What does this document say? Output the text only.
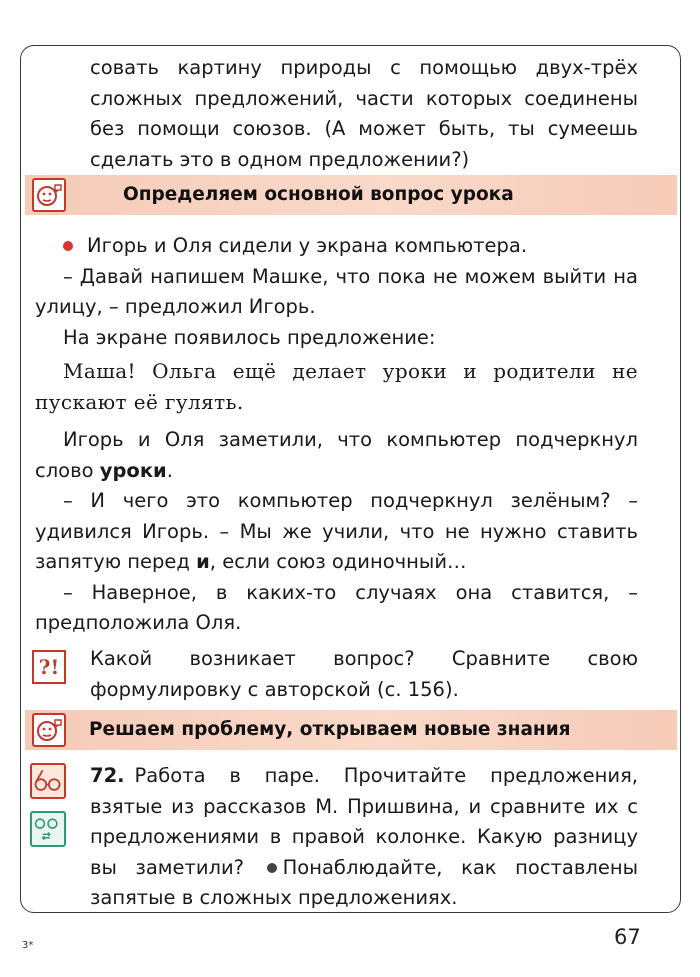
совать картину природы с помощью двух-трёх сложных предложений, части которых соединены без помощи союзов. (А может быть, ты сумеешь сделать это в одном предложении?)
Определяем основной вопрос урока
Игорь и Оля сидели у экрана компьютера.
– Давай напишем Машке, что пока не можем выйти на улицу, – предложил Игорь.
На экране появилось предложение:
Маша! Ольга ещё делает уроки и родители не пускают её гулять.
Игорь и Оля заметили, что компьютер подчеркнул слово уроки.
– И чего это компьютер подчеркнул зелёным? – удивился Игорь. – Мы же учили, что не нужно ставить запятую перед и, если союз одиночный…
– Наверное, в каких-то случаях она ставится, – предположила Оля.
?!	Какой возникает вопрос? Сравните свою формулировку с авторской (с. 156).
Решаем проблему, открываем новые знания
72. Работа в паре. Прочитайте предложения, взятые из рассказов М. Пришвина, и сравните их с предложениями в правой колонке. Какую разницу вы заметили? Понаблюдайте, как поставлены запятые в сложных предложениях.
3*	67
